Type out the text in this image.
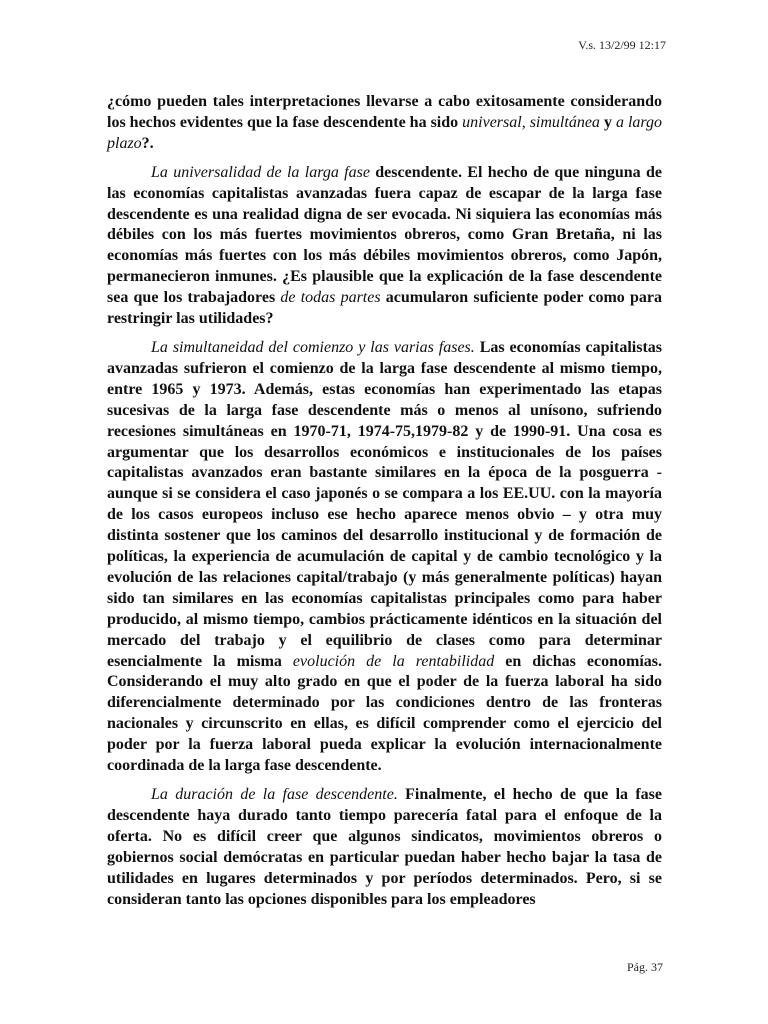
V.s. 13/2/99 12:17

¿cómo pueden tales interpretaciones llevarse a cabo exitosamente considerando los hechos evidentes que la fase descendente ha sido universal, simultánea y a largo plazo?.

La universalidad de la larga fase descendente. El hecho de que ninguna de las economías capitalistas avanzadas fuera capaz de escapar de la larga fase descendente es una realidad digna de ser evocada. Ni siquiera las economías más débiles con los más fuertes movimientos obreros, como Gran Bretaña, ni las economías más fuertes con los más débiles movimientos obreros, como Japón, permanecieron inmunes. ¿Es plausible que la explicación de la fase descendente sea que los trabajadores de todas partes acumularon suficiente poder como para restringir las utilidades?

La simultaneidad del comienzo y las varias fases. Las economías capitalistas avanzadas sufrieron el comienzo de la larga fase descendente al mismo tiempo, entre 1965 y 1973. Además, estas economías han experimentado las etapas sucesivas de la larga fase descendente más o menos al unísono, sufriendo recesiones simultáneas en 1970-71, 1974-75,1979-82 y de 1990-91. Una cosa es argumentar que los desarrollos económicos e institucionales de los países capitalistas avanzados eran bastante similares en la época de la posguerra - aunque si se considera el caso japonés o se compara a los EE.UU. con la mayoría de los casos europeos incluso ese hecho aparece menos obvio – y otra muy distinta sostener que los caminos del desarrollo institucional y de formación de políticas, la experiencia de acumulación de capital y de cambio tecnológico y la evolución de las relaciones capital/trabajo (y más generalmente políticas) hayan sido tan similares en las economías capitalistas principales como para haber producido, al mismo tiempo, cambios prácticamente idénticos en la situación del mercado del trabajo y el equilibrio de clases como para determinar esencialmente la misma evolución de la rentabilidad en dichas economías. Considerando el muy alto grado en que el poder de la fuerza laboral ha sido diferencialmente determinado por las condiciones dentro de las fronteras nacionales y circunscrito en ellas, es difícil comprender como el ejercicio del poder por la fuerza laboral pueda explicar la evolución internacionalmente coordinada de la larga fase descendente.

La duración de la fase descendente. Finalmente, el hecho de que la fase descendente haya durado tanto tiempo parecería fatal para el enfoque de la oferta. No es difícil creer que algunos sindicatos, movimientos obreros o gobiernos social demócratas en particular puedan haber hecho bajar la tasa de utilidades en lugares determinados y por períodos determinados. Pero, si se consideran tanto las opciones disponibles para los empleadores

Pág. 37
